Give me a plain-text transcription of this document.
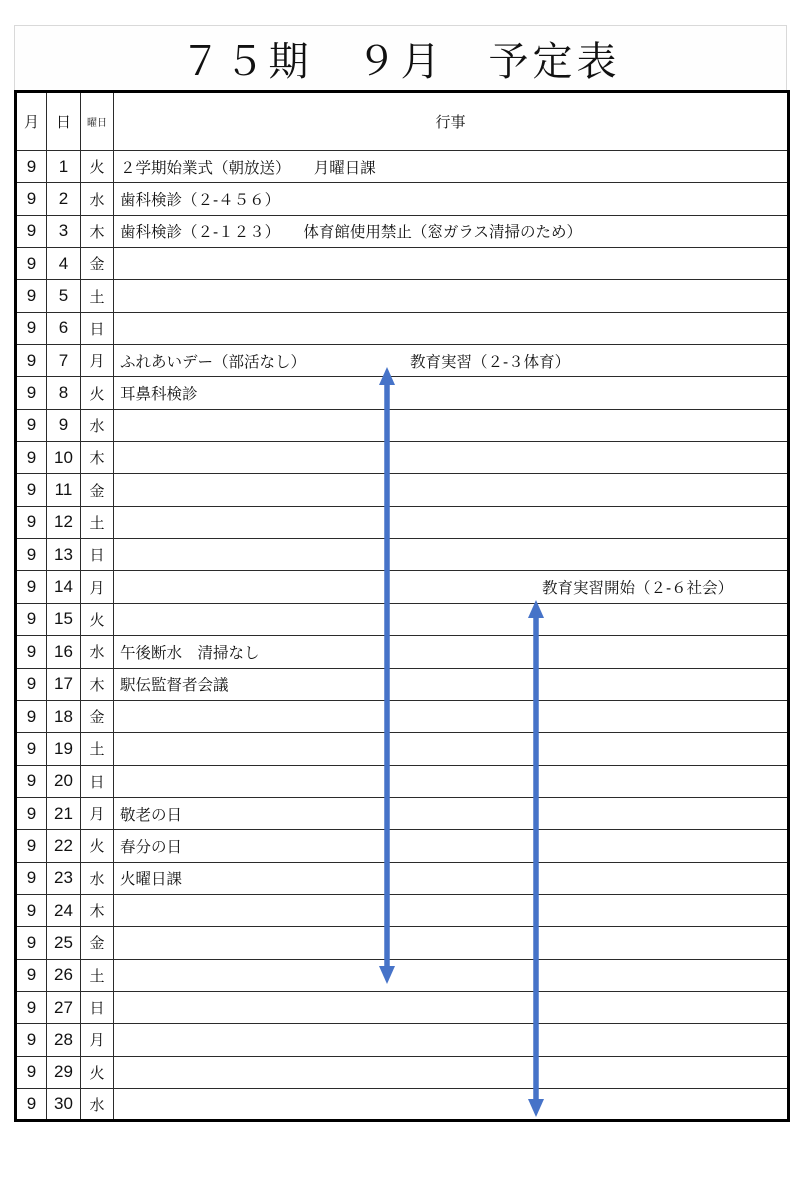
７５期　９月　予定表
月	日	曜日	行事
9	1	火	２学期始業式（朝放送）　　月曜日課
9	2	水	歯科検診（２-４５６）
9	3	木	歯科検診（２-１２３）　　体育館使用禁止（窓ガラス清掃のため）
9	4	金	
9	5	土	
9	6	日	
9	7	月	ふれあいデー（部活なし） 教育実習（２-３体育）

9	8	火	耳鼻科検診
9	9	水	
9	10	木	
9	11	金	
9	12	土	
9	13	日	
9	14	月	教育実習開始（２-６社会）

9	15	火	
9	16	水	午後断水　清掃なし
9	17	木	駅伝監督者会議
9	18	金	
9	19	土	
9	20	日	
9	21	月	敬老の日
9	22	火	春分の日
9	23	水	火曜日課
9	24	木	
9	25	金	
9	26	土	
9	27	日	
9	28	月	
9	29	火	
9	30	水	
